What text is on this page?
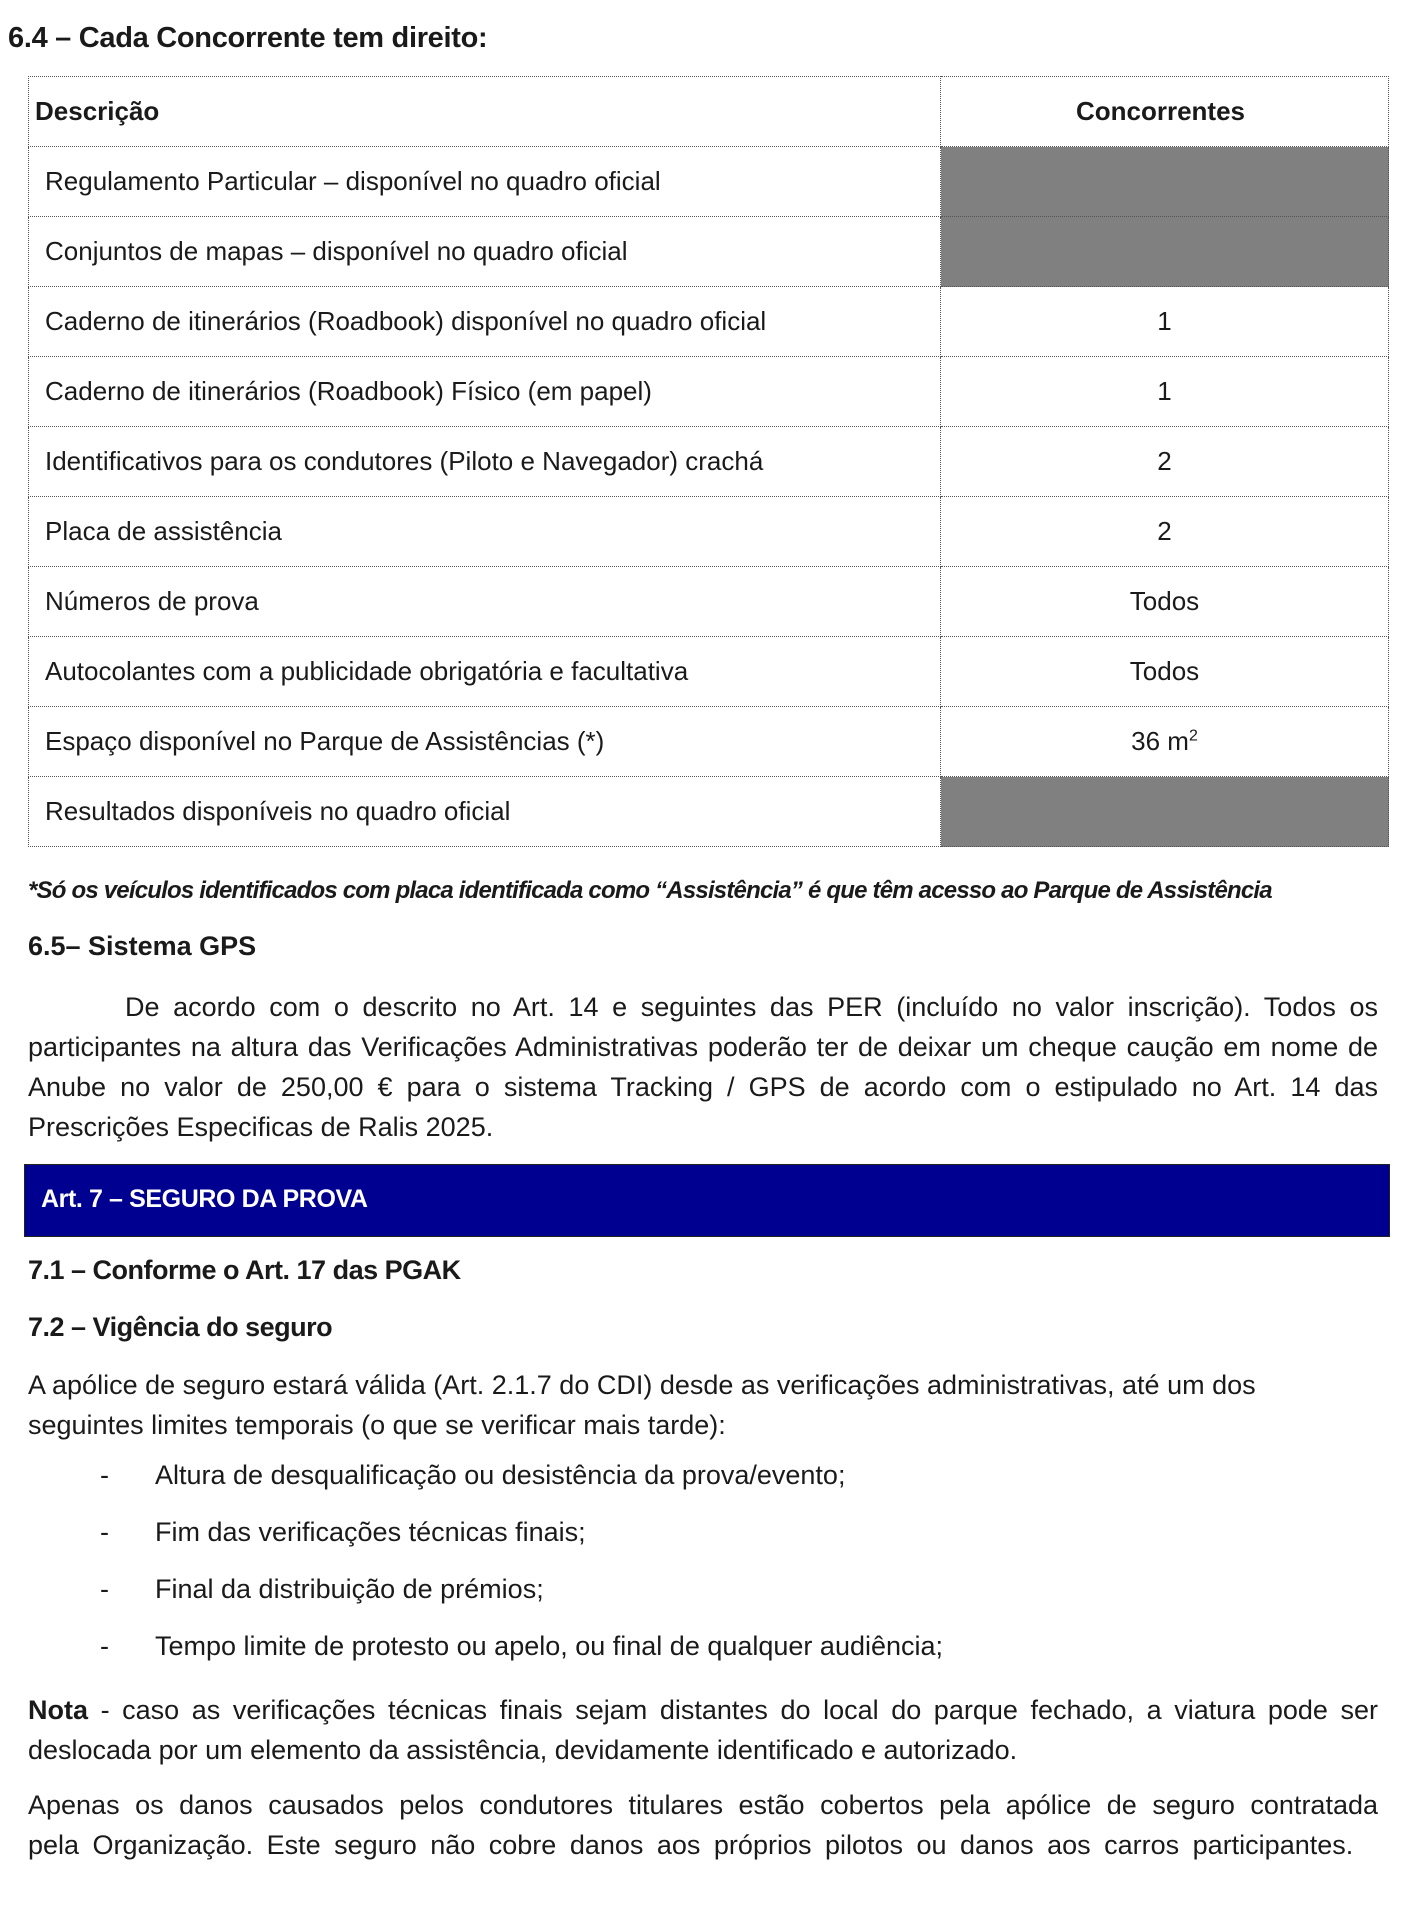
6.4 – Cada Concorrente tem direito:
Descrição	Concorrentes
Regulamento Particular – disponível no quadro oficial	
Conjuntos de mapas – disponível no quadro oficial	
Caderno de itinerários (Roadbook) disponível no quadro oficial	1
Caderno de itinerários (Roadbook) Físico (em papel)	1
Identificativos para os condutores (Piloto e Navegador) crachá	2
Placa de assistência	2
Números de prova	Todos
Autocolantes com a publicidade obrigatória e facultativa	Todos
Espaço disponível no Parque de Assistências (*)	36 $m^2$
Resultados disponíveis no quadro oficial	
*Só os veículos identificados com placa identificada como “Assistência” é que têm acesso ao Parque de Assistência
6.5– Sistema GPS
De acordo com o descrito no Art. 14 e seguintes das PER (incluído no valor inscrição). Todos os participantes na altura das Verificações Administrativas poderão ter de deixar um cheque caução em nome de Anube no valor de 250,00 € para o sistema Tracking / GPS de acordo com o estipulado no Art. 14 das Prescrições Especificas de Ralis 2025.
Art. 7 – SEGURO DA PROVA
7.1 – Conforme o Art. 17 das PGAK
7.2 – Vigência do seguro
A apólice de seguro estará válida (Art. 2.1.7 do CDI) desde as verificações administrativas, até um dos seguintes limites temporais (o que se verificar mais tarde):
- Altura de desqualificação ou desistência da prova/evento;
- Fim das verificações técnicas finais;
- Final da distribuição de prémios;
- Tempo limite de protesto ou apelo, ou final de qualquer audiência;
Nota - caso as verificações técnicas finais sejam distantes do local do parque fechado, a viatura pode ser deslocada por um elemento da assistência, devidamente identificado e autorizado.
Apenas os danos causados pelos condutores titulares estão cobertos pela apólice de seguro contratada pela Organização. Este seguro não cobre danos aos próprios pilotos ou danos aos carros participantes.
